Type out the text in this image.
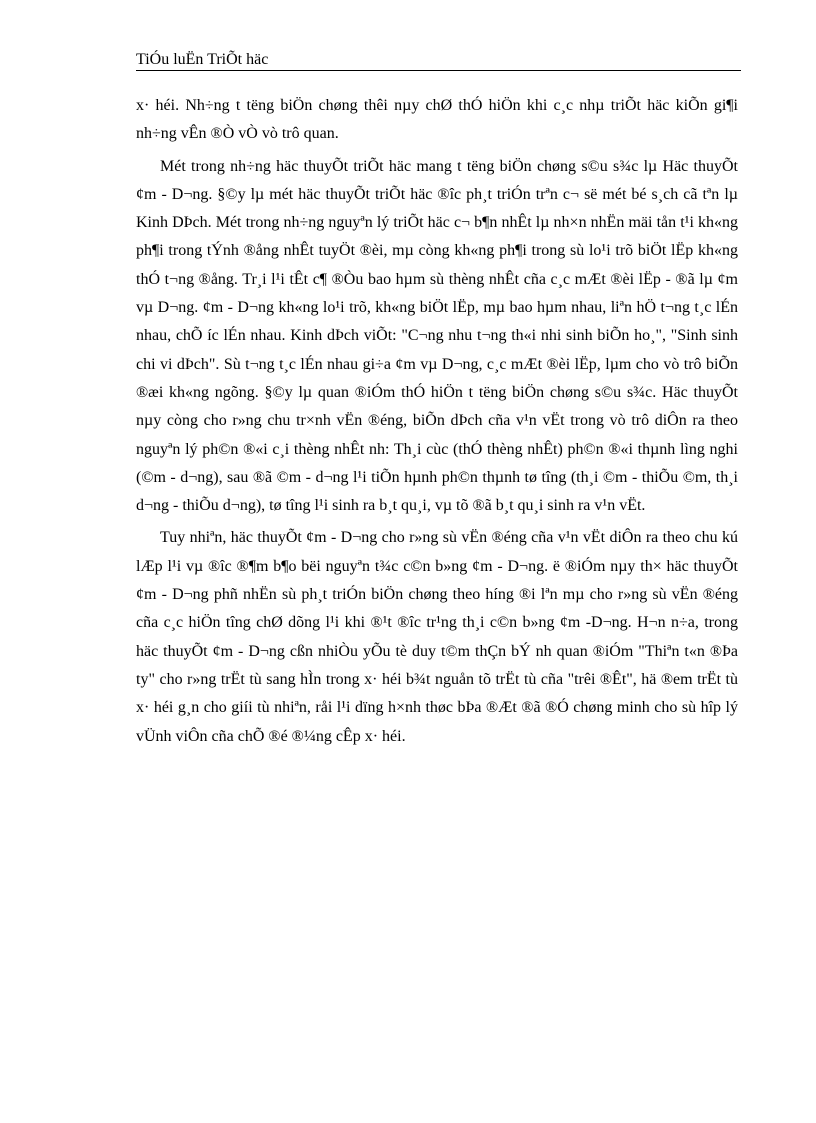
TiÓu luËn TriÕt häc

x· héi. Nh÷ng t tëng biÖn chøng thêi nµy chØ thÓ hiÖn khi c¸c nhµ triÕt häc kiÕn gi¶i nh÷ng vÊn ®Ò vÒ vò trô quan.

Mét trong nh÷ng häc thuyÕt triÕt häc mang t tëng biÖn chøng s©u s¾c lµ Häc thuyÕt ¢m - D¬ng. §©y lµ mét häc thuyÕt triÕt häc ®îc ph¸t triÓn trªn c¬ së mét bé s¸ch cã tªn lµ Kinh DÞch. Mét trong nh÷ng nguyªn lý triÕt häc c¬ b¶n nhÊt lµ nh×n nhËn mäi tån t¹i kh«ng ph¶i trong tÝnh ®ång nhÊt tuyÖt ®èi, mµ còng kh«ng ph¶i trong sù lo¹i trõ biÖt lËp kh«ng thÓ t¬ng ®ång. Tr¸i l¹i tÊt c¶ ®Òu bao hµm sù thèng nhÊt cña c¸c mÆt ®èi lËp - ®ã lµ ¢m vµ D¬ng. ¢m - D¬ng kh«ng lo¹i trõ, kh«ng biÖt lËp, mµ bao hµm nhau, liªn hÖ t¬ng t¸c lÉn nhau, chÕ íc lÉn nhau. Kinh dÞch viÕt: "C¬ng nhu t¬ng th«i nhi sinh biÕn ho¸", "Sinh sinh chi vi dÞch". Sù t¬ng t¸c lÉn nhau gi÷a ¢m vµ D¬ng, c¸c mÆt ®èi lËp, lµm cho vò trô biÕn ®æi kh«ng ngõng. §©y lµ quan ®iÓm thÓ hiÖn t tëng biÖn chøng s©u s¾c. Häc thuyÕt nµy còng cho r»ng chu tr×nh vËn ®éng, biÕn dÞch cña v¹n vËt trong vò trô diÔn ra theo nguyªn lý ph©n ®«i c¸i thèng nhÊt nh: Th¸i cùc (thÓ thèng nhÊt) ph©n ®«i thµnh lìng nghi (©m - d¬ng), sau ®ã ©m - d¬ng l¹i tiÕn hµnh ph©n thµnh tø tîng (th¸i ©m - thiÕu ©m, th¸i d¬ng - thiÕu d¬ng), tø tîng l¹i sinh ra b¸t qu¸i, vµ tõ ®ã b¸t qu¸i sinh ra v¹n vËt.

Tuy nhiªn, häc thuyÕt ¢m - D¬ng cho r»ng sù vËn ®éng cña v¹n vËt diÔn ra theo chu kú lÆp l¹i vµ ®îc ®¶m b¶o bëi nguyªn t¾c c©n b»ng ¢m - D¬ng. ë ®iÓm nµy th× häc thuyÕt ¢m - D¬ng phñ nhËn sù ph¸t triÓn biÖn chøng theo híng ®i lªn mµ cho r»ng sù vËn ®éng cña c¸c hiÖn tîng chØ dõng l¹i khi ®¹t ®îc tr¹ng th¸i c©n b»ng ¢m -D¬ng. H¬n n÷a, trong häc thuyÕt ¢m - D¬ng cßn nhiÒu yÕu tè duy t©m thÇn bÝ nh quan ®iÓm "Thiªn t«n ®Þa ty" cho r»ng trËt tù sang hÌn trong x· héi b¾t nguån tõ trËt tù cña "trêi ®Êt", hä ®em trËt tù x· héi g¸n cho giíi tù nhiªn, råi l¹i dïng h×nh thøc bÞa ®Æt ®ã ®Ó chøng minh cho sù hîp lý vÜnh viÔn cña chÕ ®é ®¼ng cÊp x· héi.
